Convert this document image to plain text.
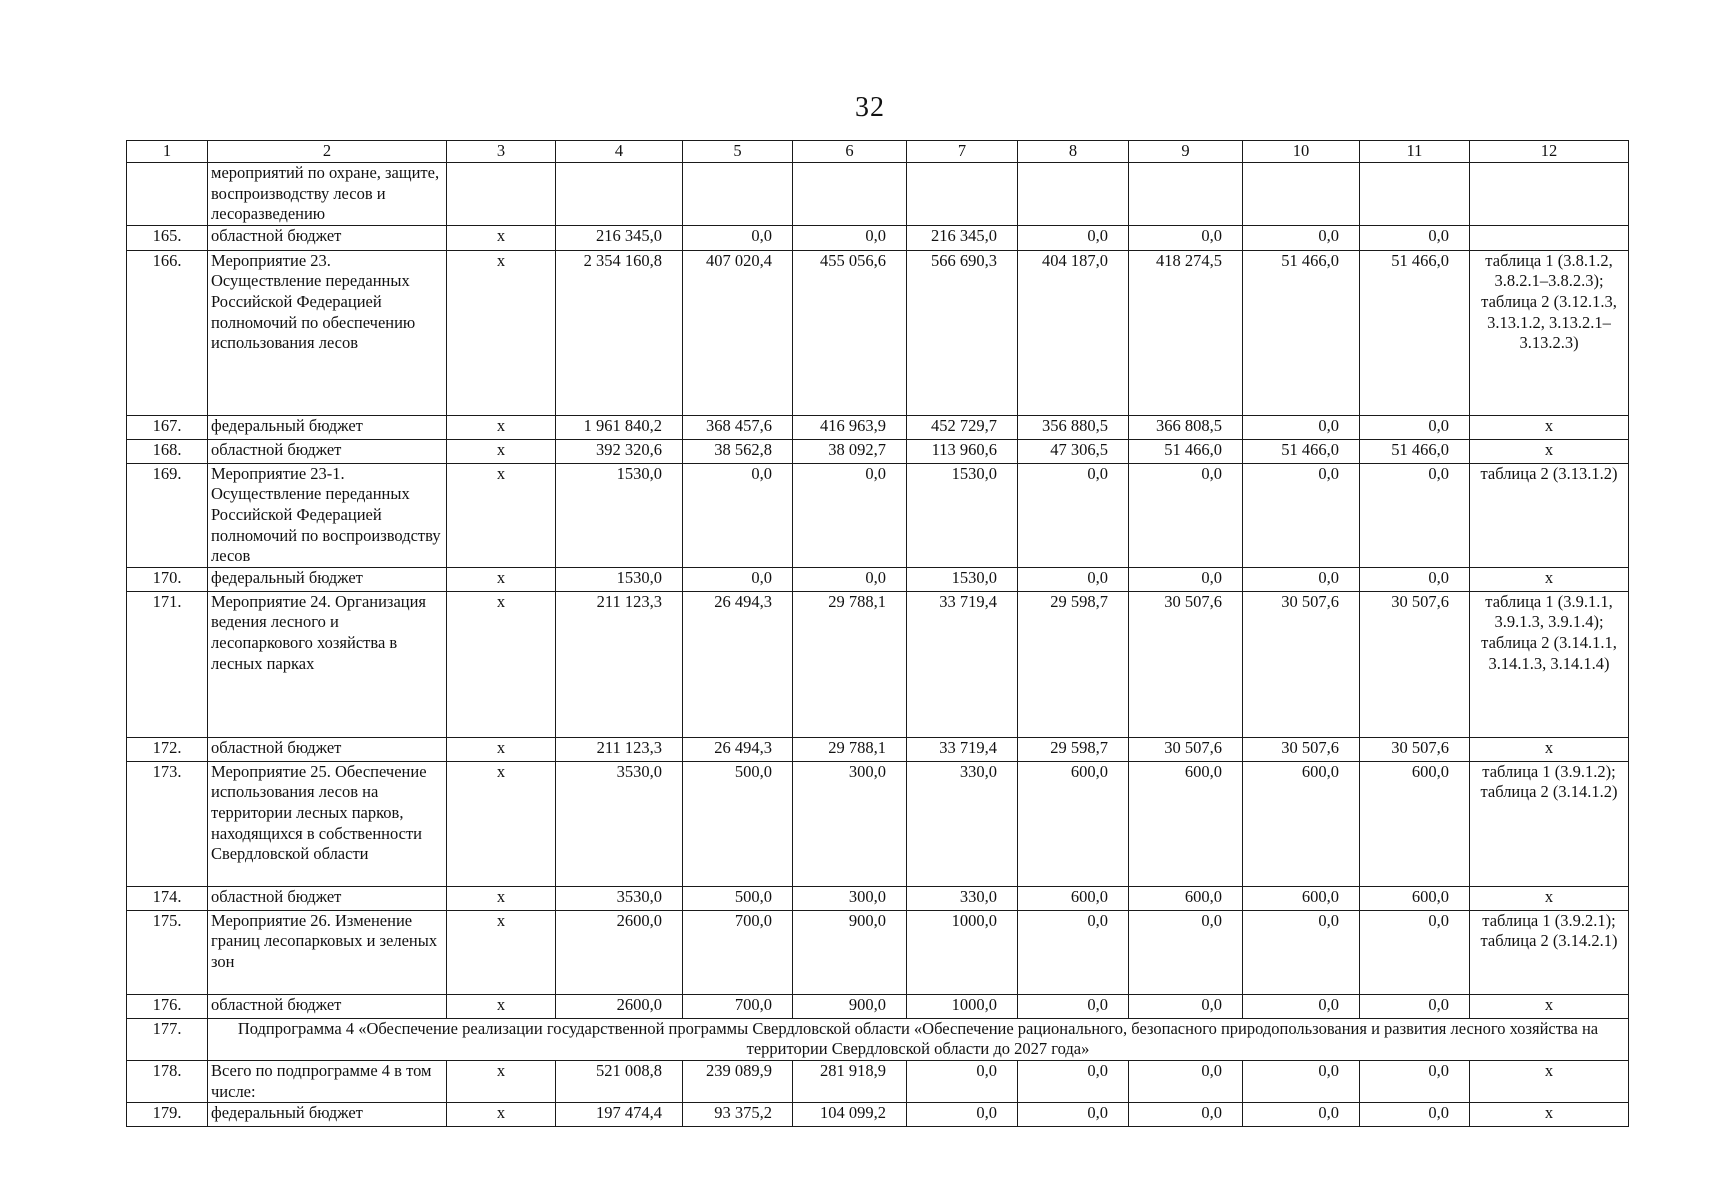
32
1	2	3	4	5	6	7	8	9	10	11	12
	мероприятий по охране, защите, воспроизводству лесов и лесоразведению										
165.	областной бюджет	x	216 345,0	0,0	0,0	216 345,0	0,0	0,0	0,0	0,0	
166.	Мероприятие 23. Осуществление переданных Российской Федерацией полномочий по обеспечению использования лесов	x	2 354 160,8	407 020,4	455 056,6	566 690,3	404 187,0	418 274,5	51 466,0	51 466,0	таблица 1 (3.8.1.2, 3.8.2.1–3.8.2.3); таблица 2 (3.12.1.3, 3.13.1.2, 3.13.2.1– 3.13.2.3)
167.	федеральный бюджет	x	1 961 840,2	368 457,6	416 963,9	452 729,7	356 880,5	366 808,5	0,0	0,0	x
168.	областной бюджет	x	392 320,6	38 562,8	38 092,7	113 960,6	47 306,5	51 466,0	51 466,0	51 466,0	x
169.	Мероприятие 23-1. Осуществление переданных Российской Федерацией полномочий по воспроизводству лесов	x	1530,0	0,0	0,0	1530,0	0,0	0,0	0,0	0,0	таблица 2 (3.13.1.2)
170.	федеральный бюджет	x	1530,0	0,0	0,0	1530,0	0,0	0,0	0,0	0,0	x
171.	Мероприятие 24. Организация ведения лесного и лесопаркового хозяйства в лесных парках	x	211 123,3	26 494,3	29 788,1	33 719,4	29 598,7	30 507,6	30 507,6	30 507,6	таблица 1 (3.9.1.1, 3.9.1.3, 3.9.1.4); таблица 2 (3.14.1.1, 3.14.1.3, 3.14.1.4)
172.	областной бюджет	x	211 123,3	26 494,3	29 788,1	33 719,4	29 598,7	30 507,6	30 507,6	30 507,6	x
173.	Мероприятие 25. Обеспечение использования лесов на территории лесных парков, находящихся в собственности Свердловской области	x	3530,0	500,0	300,0	330,0	600,0	600,0	600,0	600,0	таблица 1 (3.9.1.2); таблица 2 (3.14.1.2)
174.	областной бюджет	x	3530,0	500,0	300,0	330,0	600,0	600,0	600,0	600,0	x
175.	Мероприятие 26. Изменение границ лесопарковых и зеленых зон	x	2600,0	700,0	900,0	1000,0	0,0	0,0	0,0	0,0	таблица 1 (3.9.2.1); таблица 2 (3.14.2.1)
176.	областной бюджет	x	2600,0	700,0	900,0	1000,0	0,0	0,0	0,0	0,0	x
177.	Подпрограмма 4 «Обеспечение реализации государственной программы Свердловской области «Обеспечение рационального, безопасного природопользования и развития лесного хозяйства на территории Свердловской области до 2027 года»										
178.	Всего по подпрограмме 4 в том числе:	x	521 008,8	239 089,9	281 918,9	0,0	0,0	0,0	0,0	0,0	x
179.	федеральный бюджет	x	197 474,4	93 375,2	104 099,2	0,0	0,0	0,0	0,0	0,0	x
